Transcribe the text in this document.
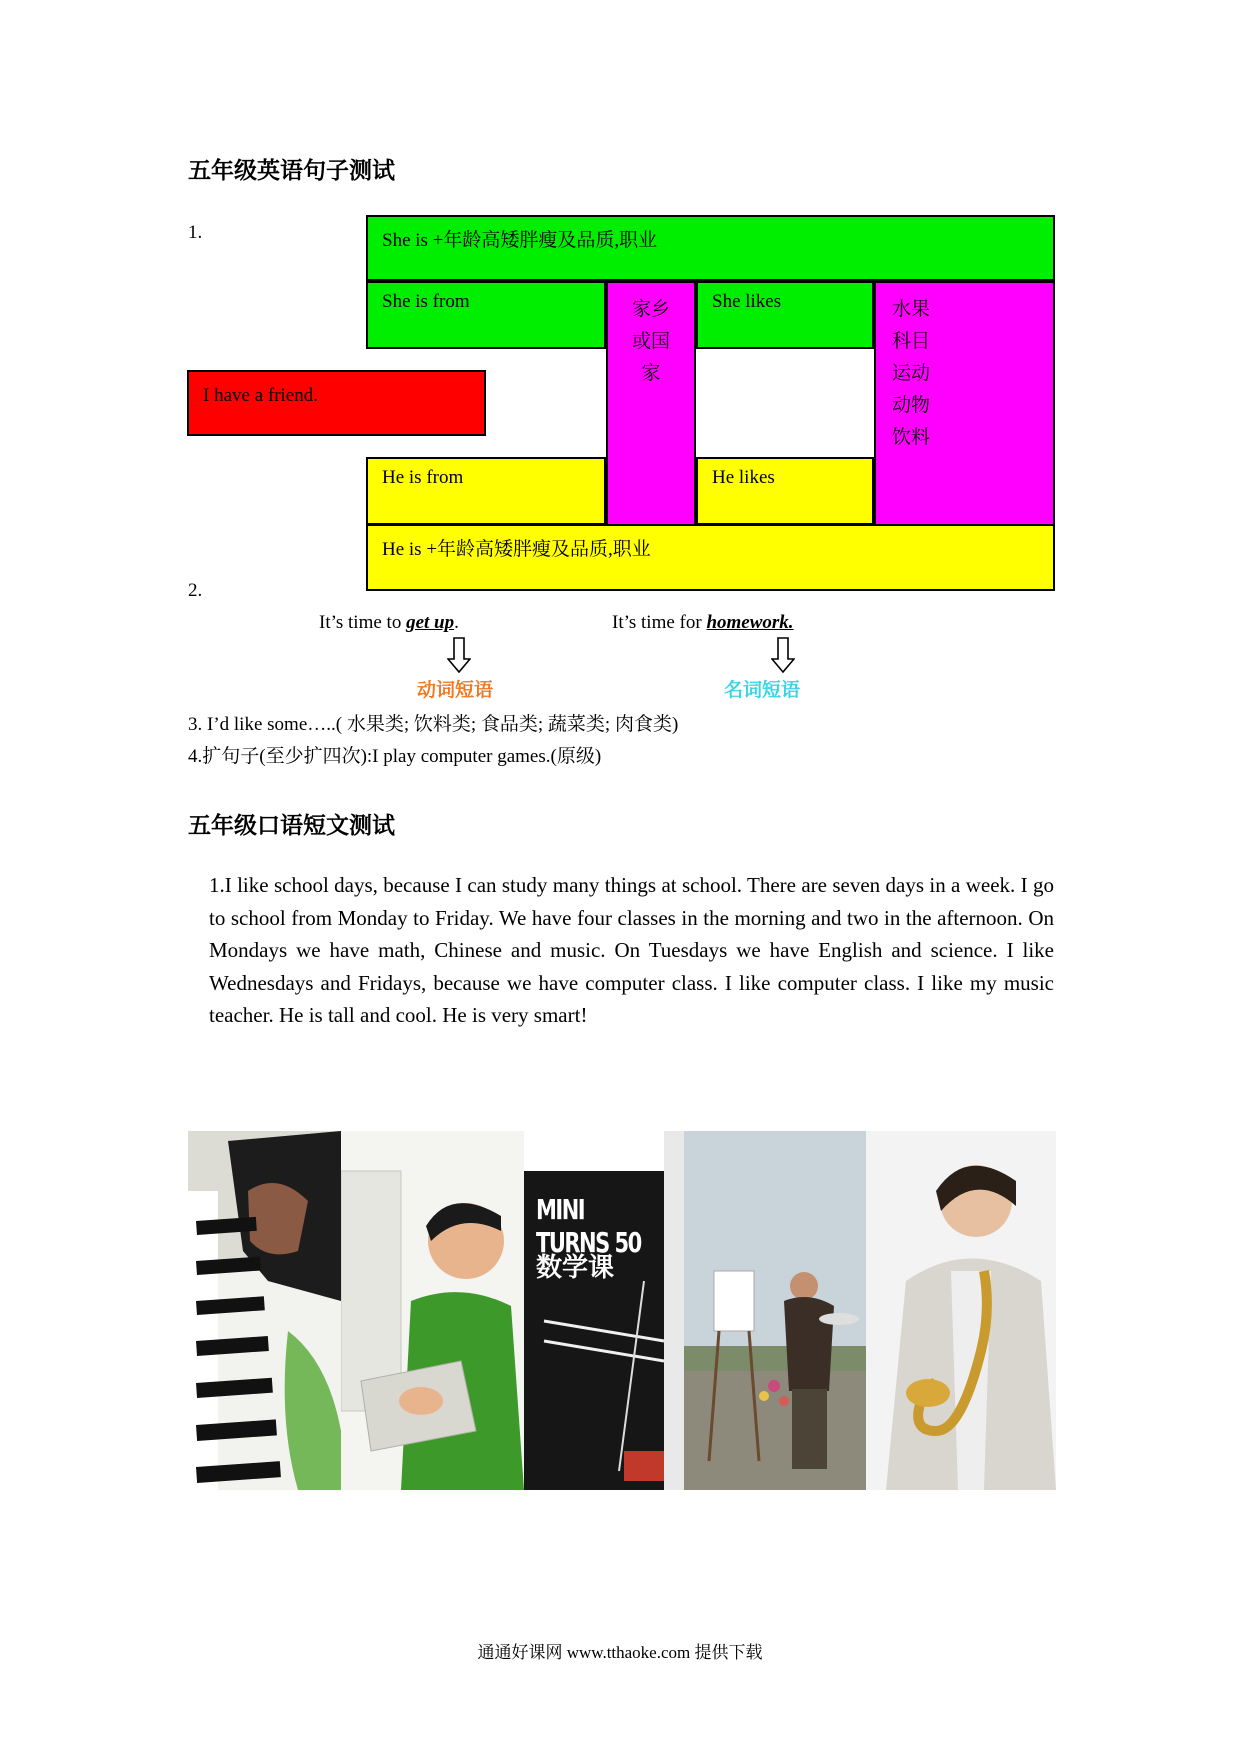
五年级英语句子测试
1.	She is +年龄高矮胖瘦及品质,职业
She is from	家乡
或国
家
She likes	水果
科目
运动
动物
饮料
I have a friend.
He is from	He likes
He is +年龄高矮胖瘦及品质,职业
2.
It’s time to get up.	It’s time for homework.
动词短语	名词短语
3. I’d like some…..( 水果类; 饮料类; 食品类; 蔬菜类; 肉食类)
4.扩句子(至少扩四次):I play computer games.(原级)
五年级口语短文测试
1.I like school days, because I can study many things at school. There are seven days in a week. I go to school from Monday to Friday. We have four classes in the morning and two in the afternoon. On Mondays we have math, Chinese and music. On Tuesdays we have English and science. I like Wednesdays and Fridays, because we have computer class. I like computer class. I like my music teacher. He is tall and cool. He is very smart!
MINI TURNS 50
数学课
通通好课网 www.tthaoke.com 提供下载
